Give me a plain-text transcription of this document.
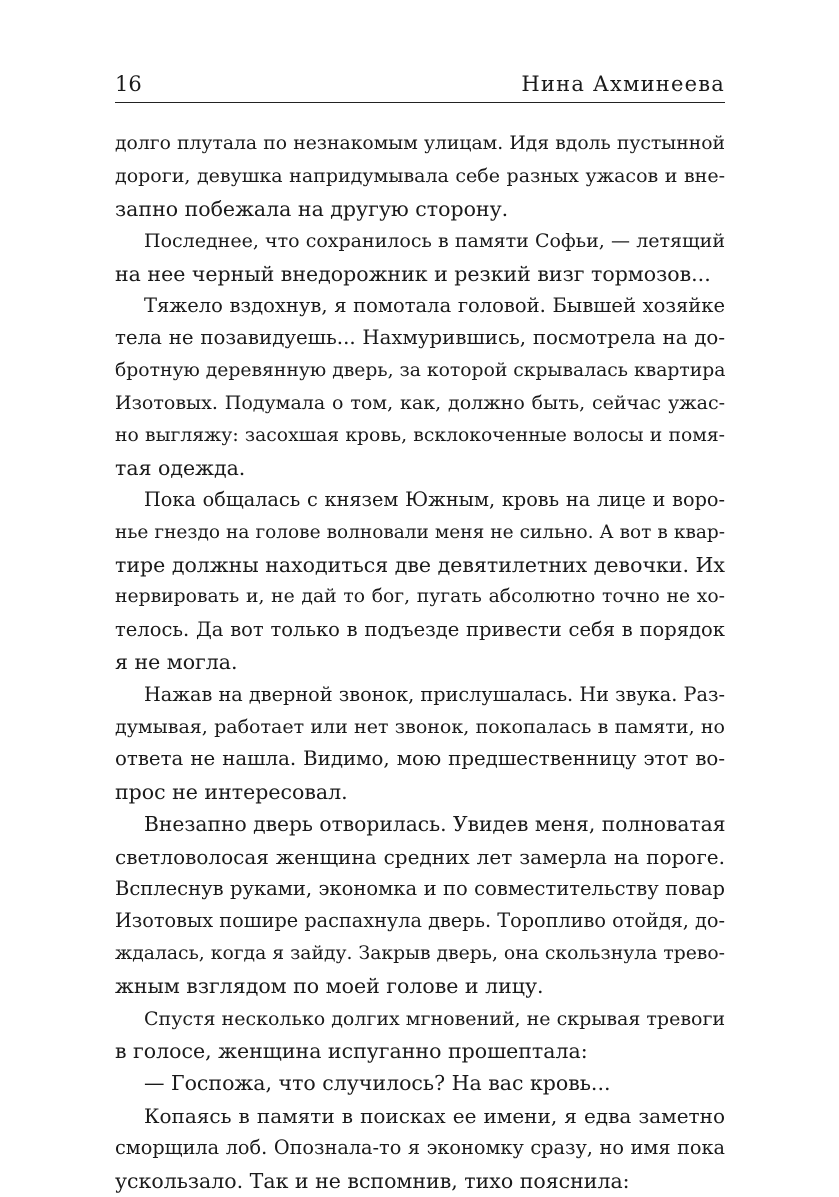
16	Нина Ахминеева
долго плутала по незнакомым улицам. Идя вдоль пустынной
дороги, девушка напридумывала себе разных ужасов и вне-
запно побежала на другую сторону.
Последнее, что сохранилось в памяти Софьи, — летящий
на нее черный внедорожник и резкий визг тормозов...
Тяжело вздохнув, я помотала головой. Бывшей хозяйке
тела не позавидуешь... Нахмурившись, посмотрела на до-
бротную деревянную дверь, за которой скрывалась квартира
Изотовых. Подумала о том, как, должно быть, сейчас ужас-
но выгляжу: засохшая кровь, всклокоченные волосы и помя-
тая одежда.
Пока общалась с князем Южным, кровь на лице и воро-
нье гнездо на голове волновали меня не сильно. А вот в квар-
тире должны находиться две девятилетних девочки. Их
нервировать и, не дай то бог, пугать абсолютно точно не хо-
телось. Да вот только в подъезде привести себя в порядок
я не могла.
Нажав на дверной звонок, прислушалась. Ни звука. Раз-
думывая, работает или нет звонок, покопалась в памяти, но
ответа не нашла. Видимо, мою предшественницу этот во-
прос не интересовал.
Внезапно дверь отворилась. Увидев меня, полноватая
светловолосая женщина средних лет замерла на пороге.
Всплеснув руками, экономка и по совместительству повар
Изотовых пошире распахнула дверь. Торопливо отойдя, до-
ждалась, когда я зайду. Закрыв дверь, она скользнула трево-
жным взглядом по моей голове и лицу.
Спустя несколько долгих мгновений, не скрывая тревоги
в голосе, женщина испуганно прошептала:
— Госпожа, что случилось? На вас кровь...
Копаясь в памяти в поисках ее имени, я едва заметно
сморщила лоб. Опознала-то я экономку сразу, но имя пока
ускользало. Так и не вспомнив, тихо пояснила:
